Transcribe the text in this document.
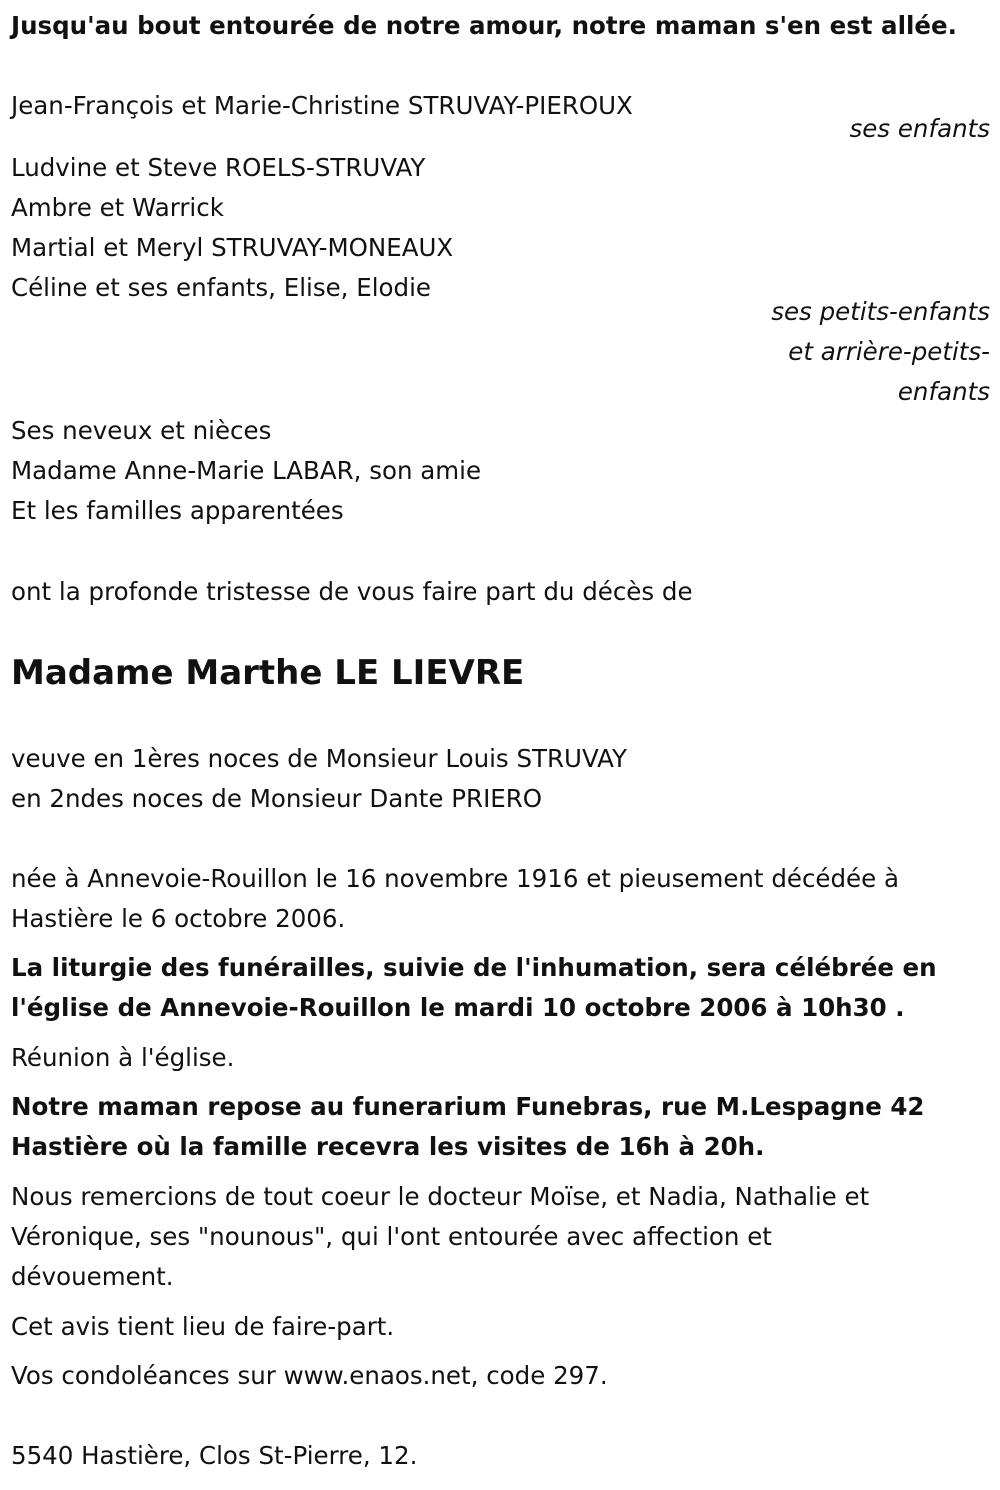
Jusqu'au bout entourée de notre amour, notre maman s'en est allée.
Jean-François et Marie-Christine STRUVAY-PIEROUX
ses enfants
Ludvine et Steve ROELS-STRUVAY
Ambre et Warrick
Martial et Meryl STRUVAY-MONEAUX
Céline et ses enfants, Elise, Elodie
ses petits-enfants
et arrière-petits-
enfants
Ses neveux et nièces
Madame Anne-Marie LABAR, son amie
Et les familles apparentées
ont la profonde tristesse de vous faire part du décès de
Madame Marthe LE LIEVRE
veuve en 1ères noces de Monsieur Louis STRUVAY
en 2ndes noces de Monsieur Dante PRIERO
née à Annevoie-Rouillon le 16 novembre 1916 et pieusement décédée à
Hastière le 6 octobre 2006.
La liturgie des funérailles, suivie de l'inhumation, sera célébrée en
l'église de Annevoie-Rouillon le mardi 10 octobre 2006 à 10h30 .
Réunion à l'église.
Notre maman repose au funerarium Funebras, rue M.Lespagne 42
Hastière où la famille recevra les visites de 16h à 20h.
Nous remercions de tout coeur le docteur Moïse, et Nadia, Nathalie et
Véronique, ses "nounous", qui l'ont entourée avec affection et
dévouement.
Cet avis tient lieu de faire-part.
Vos condoléances sur www.enaos.net, code 297.
5540 Hastière, Clos St-Pierre, 12.
